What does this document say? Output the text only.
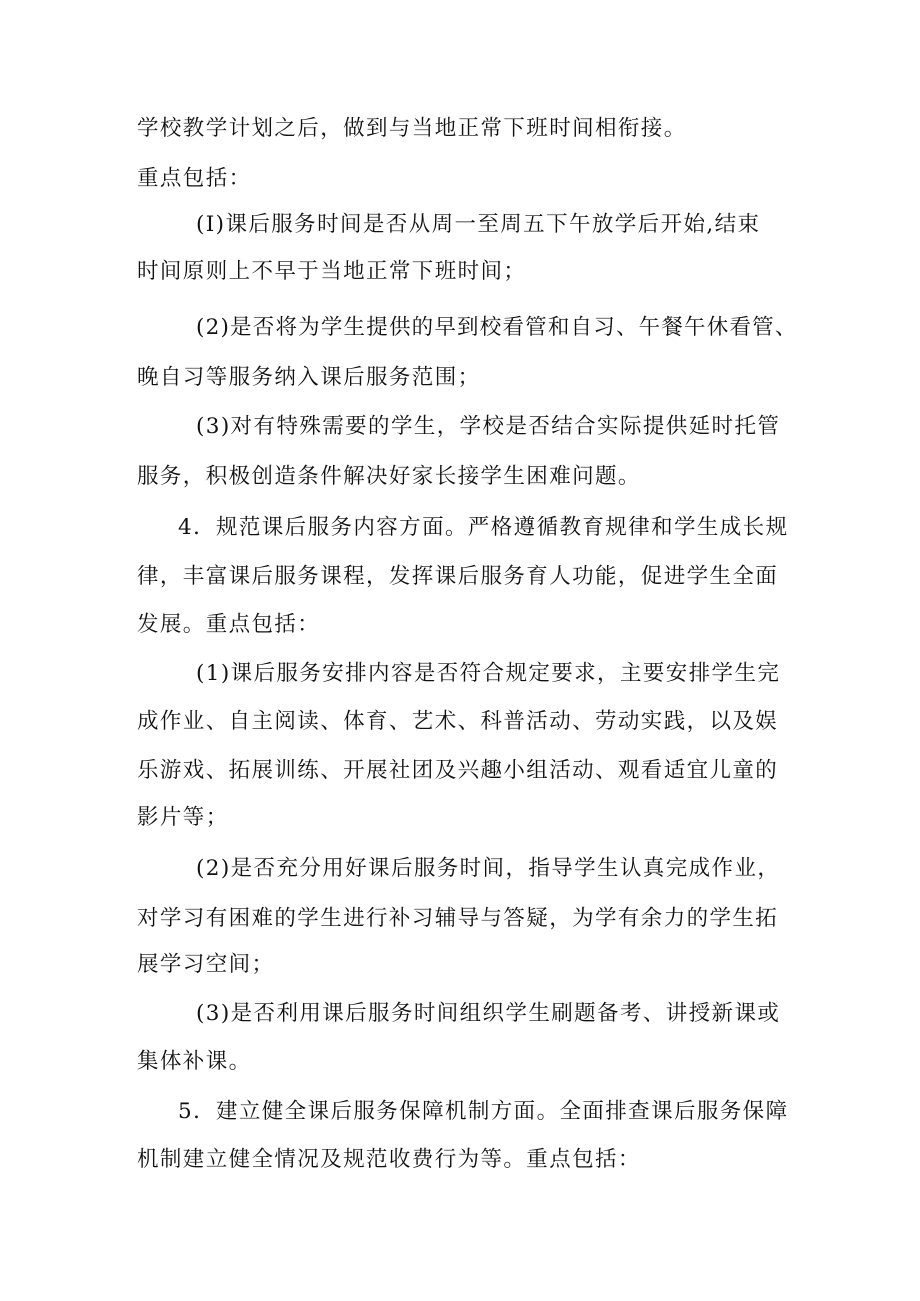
学校教学计划之后，做到与当地正常下班时间相衔接。
重点包括：
(I)课后服务时间是否从周一至周五下午放学后开始,结束
时间原则上不早于当地正常下班时间；
(2)是否将为学生提供的早到校看管和自习、午餐午休看管、
晚自习等服务纳入课后服务范围；
(3)对有特殊需要的学生，学校是否结合实际提供延时托管
服务，积极创造条件解决好家长接学生困难问题。
4．规范课后服务内容方面。严格遵循教育规律和学生成长规
律，丰富课后服务课程，发挥课后服务育人功能，促进学生全面
发展。重点包括：
(1)课后服务安排内容是否符合规定要求，主要安排学生完
成作业、自主阅读、体育、艺术、科普活动、劳动实践，以及娱
乐游戏、拓展训练、开展社团及兴趣小组活动、观看适宜儿童的
影片等；
(2)是否充分用好课后服务时间，指导学生认真完成作业，
对学习有困难的学生进行补习辅导与答疑，为学有余力的学生拓
展学习空间；
(3)是否利用课后服务时间组织学生刷题备考、讲授新课或
集体补课。
5．建立健全课后服务保障机制方面。全面排查课后服务保障
机制建立健全情况及规范收费行为等。重点包括：
